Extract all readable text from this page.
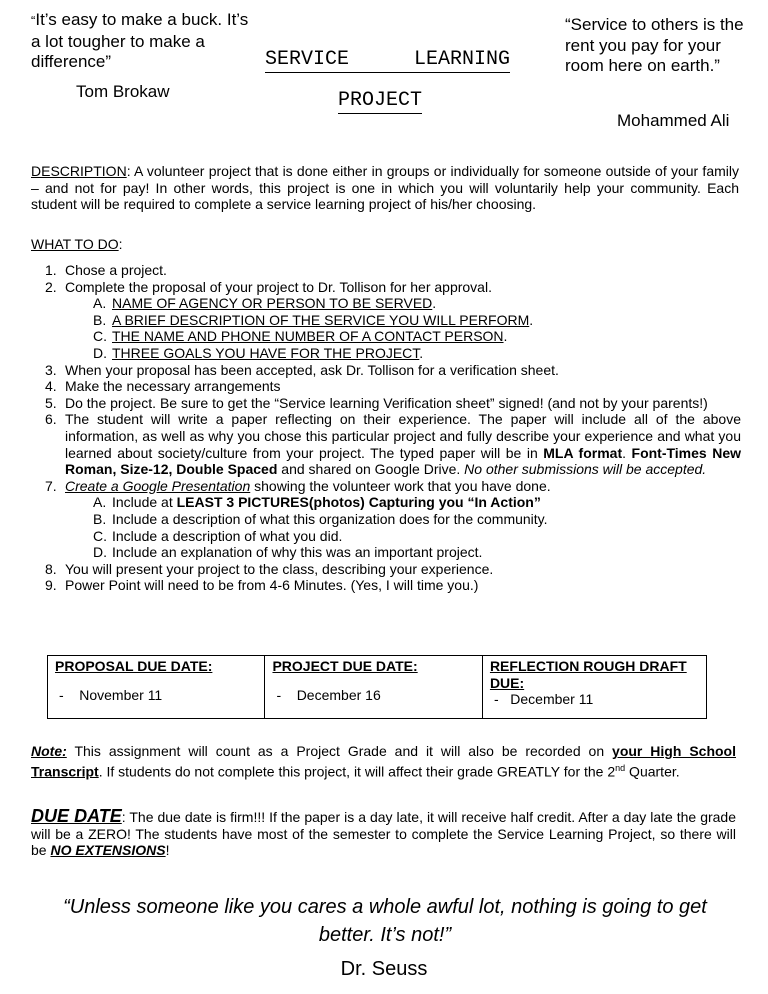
“It’s easy to make a buck. It’s a lot tougher to make a difference”
Tom Brokaw
SERVICE	LEARNING
PROJECT
“Service to others is the rent you pay for your room here on earth.”
Mohammed Ali
DESCRIPTION: A volunteer project that is done either in groups or individually for someone outside of your family – and not for pay! In other words, this project is one in which you will voluntarily help your community. Each student will be required to complete a service learning project of his/her choosing.
WHAT TO DO:
1. Chose a project.
2. Complete the proposal of your project to Dr. Tollison for her approval.
A. NAME OF AGENCY OR PERSON TO BE SERVED.
B. A BRIEF DESCRIPTION OF THE SERVICE YOU WILL PERFORM.
C. THE NAME AND PHONE NUMBER OF A CONTACT PERSON.
D. THREE GOALS YOU HAVE FOR THE PROJECT.
3. When your proposal has been accepted, ask Dr. Tollison for a verification sheet.
4. Make the necessary arrangements
5. Do the project. Be sure to get the “Service learning Verification sheet” signed! (and not by your parents!)
6. The student will write a paper reflecting on their experience. The paper will include all of the above information, as well as why you chose this particular project and fully describe your experience and what you learned about society/culture from your project. The typed paper will be in MLA format. Font-Times New Roman, Size-12, Double Spaced and shared on Google Drive. No other submissions will be accepted.
7. Create a Google Presentation showing the volunteer work that you have done.
A. Include at LEAST 3 PICTURES(photos) Capturing you “In Action”
B. Include a description of what this organization does for the community.
C. Include a description of what you did.
D. Include an explanation of why this was an important project.
8. You will present your project to the class, describing your experience.
9. Power Point will need to be from 4-6 Minutes. (Yes, I will time you.)
PROPOSAL DUE DATE:
-    November 11

PROJECT DUE DATE:
-    December 16

REFLECTION ROUGH DRAFT DUE:
-   December 11
Note: This assignment will count as a Project Grade and it will also be recorded on your High School Transcript. If students do not complete this project, it will affect their grade GREATLY for the 2nd Quarter.
DUE DATE: The due date is firm!!! If the paper is a day late, it will receive half credit. After a day late the grade will be a ZERO! The students have most of the semester to complete the Service Learning Project, so there will be NO EXTENSIONS!
“Unless someone like you cares a whole awful lot, nothing is going to get better. It’s not!”
Dr. Seuss
